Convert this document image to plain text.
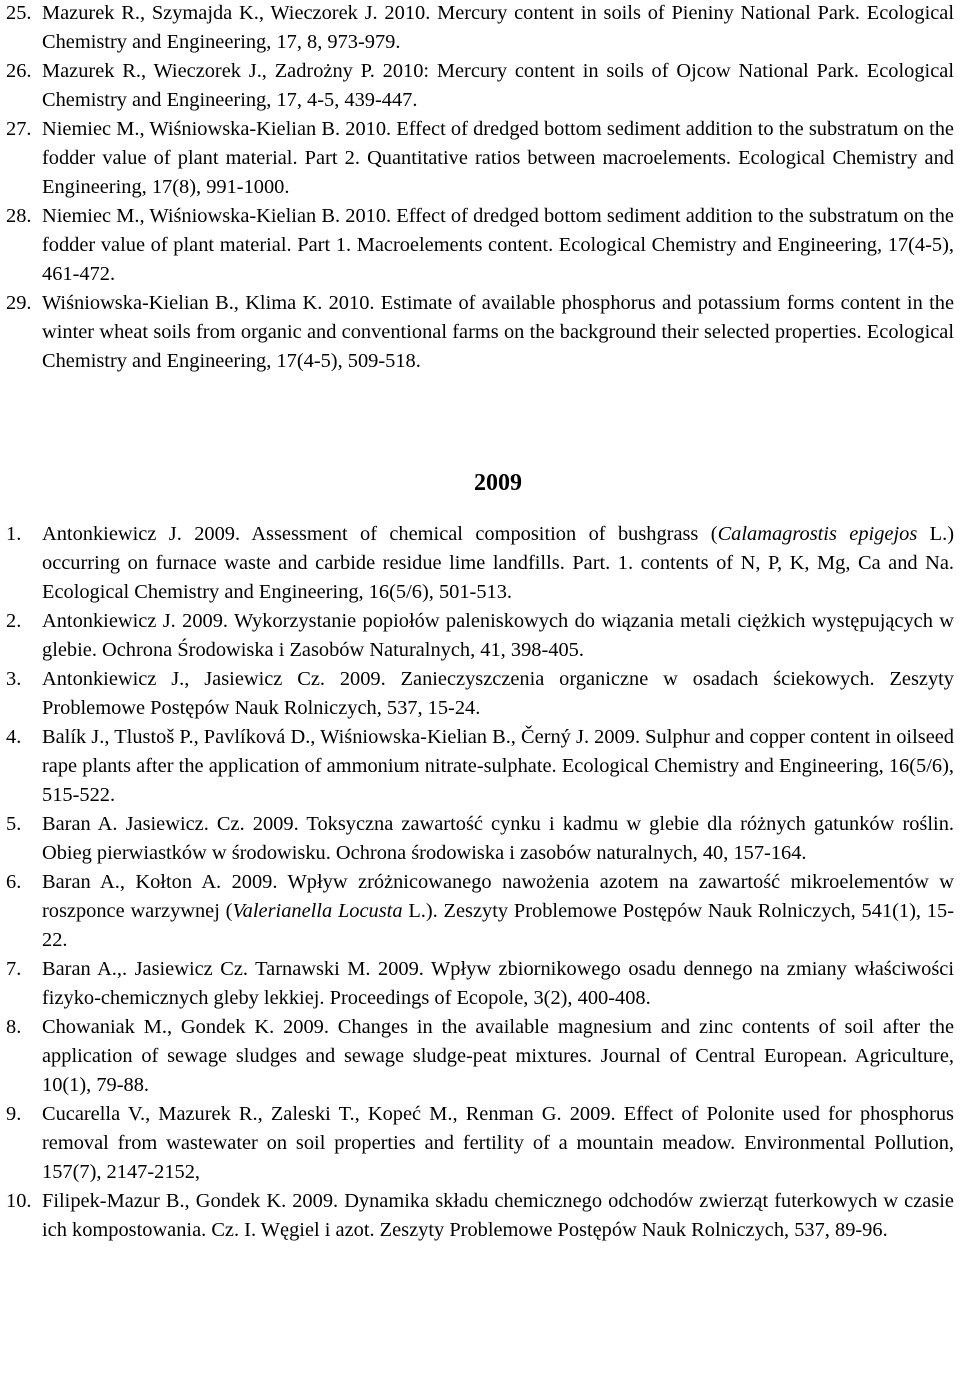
25. Mazurek R., Szymajda K., Wieczorek J. 2010. Mercury content in soils of Pieniny National Park. Ecological Chemistry and Engineering, 17, 8, 973-979.
26. Mazurek R., Wieczorek J., Zadrożny P. 2010: Mercury content in soils of Ojcow National Park. Ecological Chemistry and Engineering, 17, 4-5, 439-447.
27. Niemiec M., Wiśniowska-Kielian B. 2010. Effect of dredged bottom sediment addition to the substratum on the fodder value of plant material. Part 2. Quantitative ratios between macroelements. Ecological Chemistry and Engineering, 17(8), 991-1000.
28. Niemiec M., Wiśniowska-Kielian B. 2010. Effect of dredged bottom sediment addition to the substratum on the fodder value of plant material. Part 1. Macroelements content. Ecological Chemistry and Engineering, 17(4-5), 461-472.
29. Wiśniowska-Kielian B., Klima K. 2010. Estimate of available phosphorus and potassium forms content in the winter wheat soils from organic and conventional farms on the background their selected properties. Ecological Chemistry and Engineering, 17(4-5), 509-518.
2009
1. Antonkiewicz J. 2009. Assessment of chemical composition of bushgrass (Calamagrostis epigejos L.) occurring on furnace waste and carbide residue lime landfills. Part. 1. contents of N, P, K, Mg, Ca and Na. Ecological Chemistry and Engineering, 16(5/6), 501-513.
2. Antonkiewicz J. 2009. Wykorzystanie popiołów paleniskowych do wiązania metali ciężkich występujących w glebie. Ochrona Środowiska i Zasobów Naturalnych, 41, 398-405.
3. Antonkiewicz J., Jasiewicz Cz. 2009. Zanieczyszczenia organiczne w osadach ściekowych. Zeszyty Problemowe Postępów Nauk Rolniczych, 537, 15-24.
4. Balík J., Tlustoš P., Pavlíková D., Wiśniowska-Kielian B., Černý J. 2009. Sulphur and copper content in oilseed rape plants after the application of ammonium nitrate-sulphate. Ecological Chemistry and Engineering, 16(5/6), 515-522.
5. Baran A. Jasiewicz. Cz. 2009. Toksyczna zawartość cynku i kadmu w glebie dla różnych gatunków roślin. Obieg pierwiastków w środowisku. Ochrona środowiska i zasobów naturalnych, 40, 157-164.
6. Baran A., Kołton A. 2009. Wpływ zróżnicowanego nawożenia azotem na zawartość mikroelementów w roszponce warzywnej (Valerianella Locusta L.). Zeszyty Problemowe Postępów Nauk Rolniczych, 541(1), 15-22.
7. Baran A.,. Jasiewicz Cz. Tarnawski M. 2009. Wpływ zbiornikowego osadu dennego na zmiany właściwości fizyko-chemicznych gleby lekkiej. Proceedings of Ecopole, 3(2), 400-408.
8. Chowaniak M., Gondek K. 2009. Changes in the available magnesium and zinc contents of soil after the application of sewage sludges and sewage sludge-peat mixtures. Journal of Central European. Agriculture, 10(1), 79-88.
9. Cucarella V., Mazurek R., Zaleski T., Kopeć M., Renman G. 2009. Effect of Polonite used for phosphorus removal from wastewater on soil properties and fertility of a mountain meadow. Environmental Pollution, 157(7), 2147-2152,
10. Filipek-Mazur B., Gondek K. 2009. Dynamika składu chemicznego odchodów zwierząt futerkowych w czasie ich kompostowania. Cz. I. Węgiel i azot. Zeszyty Problemowe Postępów Nauk Rolniczych, 537, 89-96.
